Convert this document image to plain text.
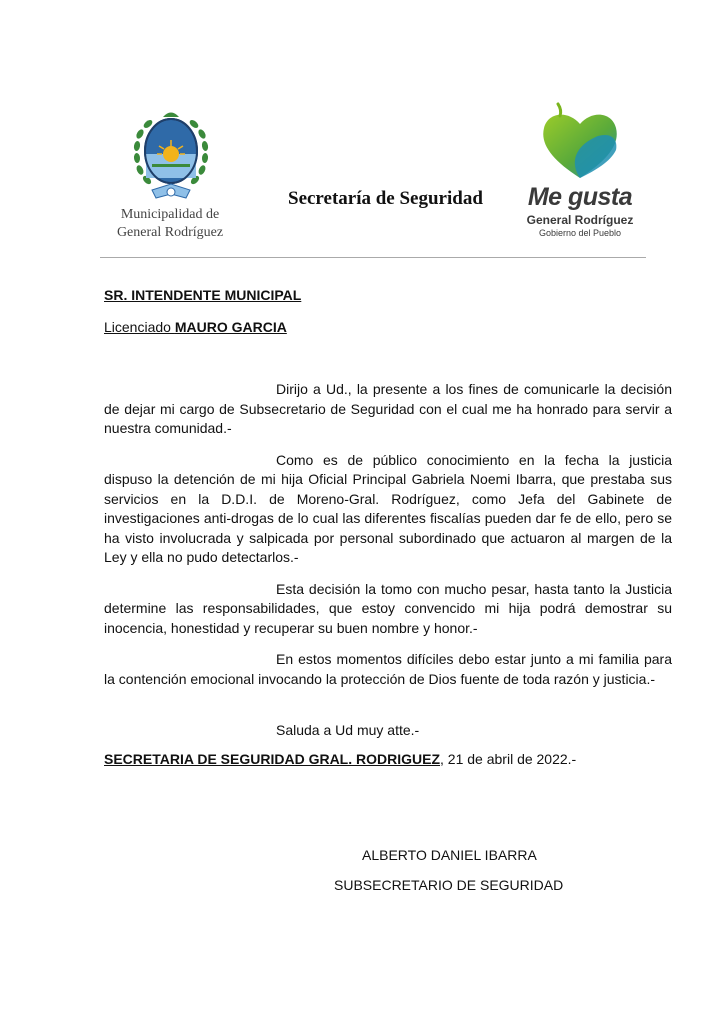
Municipalidad de
General Rodríguez
Secretaría de Seguridad	Me gusta
General Rodríguez
Gobierno del Pueblo
SR. INTENDENTE MUNICIPAL
Licenciado MAURO GARCIA

Dirijo a Ud., la presente a los fines de comunicarle la decisión de dejar mi cargo de Subsecretario de Seguridad con el cual me ha honrado para servir a nuestra comunidad.-

Como es de público conocimiento en la fecha la justicia dispuso la detención de mi hija Oficial Principal Gabriela Noemi Ibarra, que prestaba sus servicios en la D.D.I. de Moreno-Gral. Rodríguez, como Jefa del Gabinete de investigaciones anti-drogas de lo cual las diferentes fiscalías pueden dar fe de ello, pero se ha visto involucrada y salpicada por personal subordinado que actuaron al margen de la Ley y ella no pudo detectarlos.-

Esta decisión la tomo con mucho pesar, hasta tanto la Justicia determine las responsabilidades, que estoy convencido mi hija podrá demostrar su inocencia, honestidad y recuperar su buen nombre y honor.-

En estos momentos difíciles debo estar junto a mi familia para la contención emocional invocando la protección de Dios fuente de toda razón y justicia.-

Saluda a Ud muy atte.-
SECRETARIA DE SEGURIDAD GRAL. RODRIGUEZ, 21 de abril de 2022.-
ALBERTO DANIEL IBARRA
SUBSECRETARIO DE SEGURIDAD
